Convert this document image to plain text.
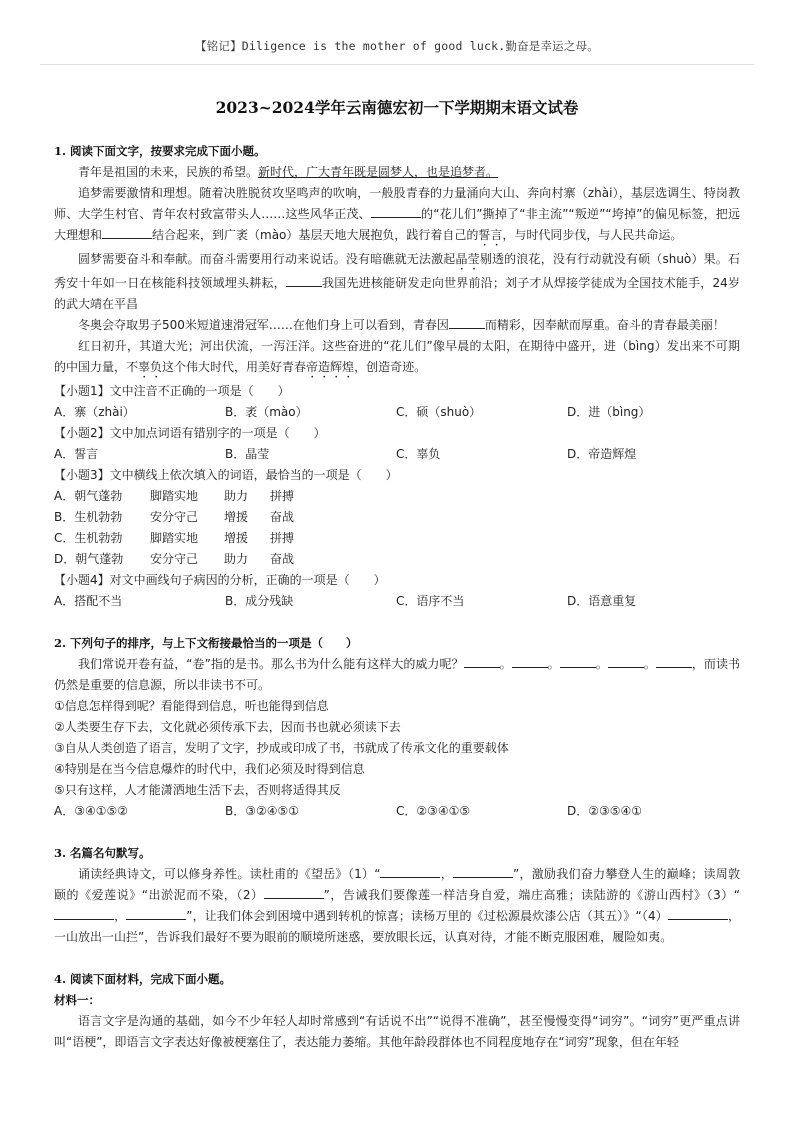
【铭记】Diligence is the mother of good luck.勤奋是幸运之母。
2023~2024学年云南德宏初一下学期期末语文试卷
1. 阅读下面文字，按要求完成下面小题。
青年是祖国的未来，民族的希望。新时代，广大青年既是圆梦人，也是追梦者。
追梦需要激情和理想。随着决胜脱贫攻坚鸣声的吹响，一般股青春的力量涌向大山、奔向村寨（zhài），基层选调生、特岗教师、大学生村官、青年农村致富带头人……这些风华正茂、	的“花儿们”撕掉了“非主流”“叛逆”“垮掉”的偏见标签，把远大理想和	结合起来，到广袤（mào）基层天地大展抱负，践行着自己的誓言，与时代同步伐，与人民共命运。
圆梦需要奋斗和奉献。而奋斗需要用行动来说话。没有暗礁就无法激起晶莹剔透的浪花，没有行动就没有硕（shuò）果。石秀安十年如一日在核能科技领域埋头耕耘，	我国先进核能研发走向世界前沿；刘子才从焊接学徒成为全国技术能手，24岁的武大靖在平昌
冬奥会夺取男子500米短道速滑冠军……在他们身上可以看到，青春因	而精彩，因奉献而厚重。奋斗的青春最美丽！
红日初升，其道大光；河出伏流，一泻汪洋。这些奋进的“花儿们”像早晨的太阳，在期待中盛开，进（bìng）发出来不可期的中国力量，不辜负这个伟大时代，用美好青春帝造辉煌，创造奇迹。
【小题1】文中注音不正确的一项是（　　）
A．寨（zhài）	B．袤（mào）	C．硕（shuò）	D．进（bìng）
【小题2】文中加点词语有错别字的一项是（　　）
A．誓言	B．晶莹	C．辜负	D．帝造辉煌
【小题3】文中横线上依次填入的词语，最恰当的一项是（　　）
A．朝气蓬勃	脚踏实地	助力	拼搏
B．生机勃勃	安分守己	增援	奋战
C．生机勃勃	脚踏实地	增援	拼搏
D．朝气蓬勃	安分守己	助力	奋战
【小题4】对文中画线句子病因的分析，正确的一项是（　　）
A．搭配不当	B．成分残缺	C．语序不当	D．语意重复
2. 下列句子的排序，与上下文衔接最恰当的一项是（　　）
我们常说开卷有益，“卷”指的是书。那么书为什么能有这样大的威力呢？	。	。	。	。	，而读书仍然是重要的信息源，所以非读书不可。
①信息怎样得到呢？看能得到信息，听也能得到信息
②人类要生存下去，文化就必须传承下去，因而书也就必须读下去
③自从人类创造了语言，发明了文字，抄成或印成了书，书就成了传承文化的重要载体
④特别是在当今信息爆炸的时代中，我们必须及时得到信息
⑤只有这样，人才能潇洒地生活下去，否则将适得其反
A．③④①⑤②	B．③②④⑤①	C．②③④①⑤	D．②③⑤④①
3. 名篇名句默写。
诵读经典诗文，可以修身养性。读杜甫的《望岳》（1）“	，	”，激励我们奋力攀登人生的巅峰；读周敦颐的《爱莲说》“出淤泥而不染，（2）	”，告诫我们要像莲一样洁身自爱，端庄高雅；读陆游的《游山西村》（3）“，	”，让我们体会到困境中遇到转机的惊喜；读杨万里的《过松源晨炊漆公店（其五）》“（4）	，一山放出一山拦”，告诉我们最好不要为眼前的顺境所迷惑，要放眼长远，认真对待，才能不断克服困难，履险如夷。
4. 阅读下面材料，完成下面小题。
材料一：
语言文字是沟通的基础，如今不少年轻人却时常感到“有话说不出”“说得不准确”，甚至慢慢变得“词穷”。“词穷”更严重点讲叫“语梗”，即语言文字表达好像被梗塞住了，表达能力萎缩。其他年龄段群体也不同程度地存在“词穷”现象，但在年轻
